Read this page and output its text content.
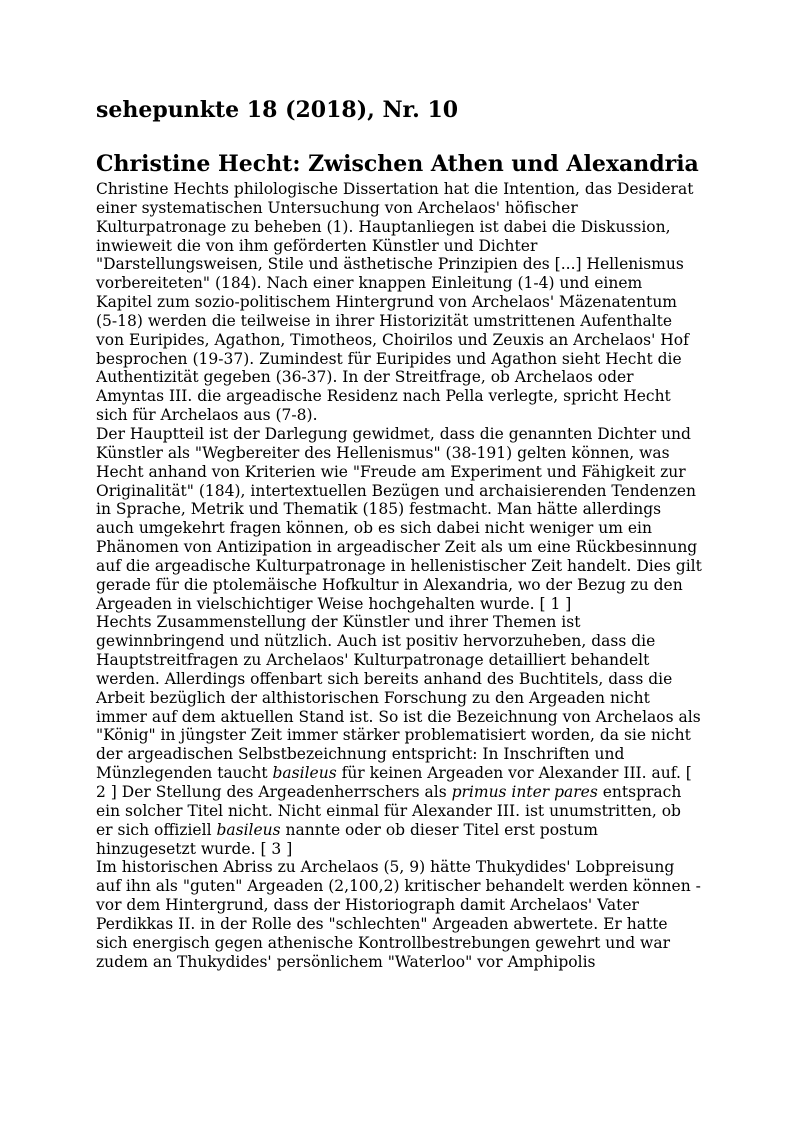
sehepunkte 18 (2018), Nr. 10
Christine Hecht: Zwischen Athen und Alexandria

Christine Hechts philologische Dissertation hat die Intention, das Desiderat einer systematischen Untersuchung von Archelaos' höfischer Kulturpatronage zu beheben (1). Hauptanliegen ist dabei die Diskussion, inwieweit die von ihm geförderten Künstler und Dichter "Darstellungsweisen, Stile und ästhetische Prinzipien des [...] Hellenismus vorbereiteten" (184). Nach einer knappen Einleitung (1-4) und einem Kapitel zum sozio-politischem Hintergrund von Archelaos' Mäzenatentum (5-18) werden die teilweise in ihrer Historizität umstrittenen Aufenthalte von Euripides, Agathon, Timotheos, Choirilos und Zeuxis an Archelaos' Hof besprochen (19-37). Zumindest für Euripides und Agathon sieht Hecht die Authentizität gegeben (36-37). In der Streitfrage, ob Archelaos oder Amyntas III. die argeadische Residenz nach Pella verlegte, spricht Hecht sich für Archelaos aus (7-8).

Der Hauptteil ist der Darlegung gewidmet, dass die genannten Dichter und Künstler als "Wegbereiter des Hellenismus" (38-191) gelten können, was Hecht anhand von Kriterien wie "Freude am Experiment und Fähigkeit zur Originalität" (184), intertextuellen Bezügen und archaisierenden Tendenzen in Sprache, Metrik und Thematik (185) festmacht. Man hätte allerdings auch umgekehrt fragen können, ob es sich dabei nicht weniger um ein Phänomen von Antizipation in argeadischer Zeit als um eine Rückbesinnung auf die argeadische Kulturpatronage in hellenistischer Zeit handelt. Dies gilt gerade für die ptolemäische Hofkultur in Alexandria, wo der Bezug zu den Argeaden in vielschichtiger Weise hochgehalten wurde. [ 1 ]

Hechts Zusammenstellung der Künstler und ihrer Themen ist gewinnbringend und nützlich. Auch ist positiv hervorzuheben, dass die Hauptstreitfragen zu Archelaos' Kulturpatronage detailliert behandelt werden. Allerdings offenbart sich bereits anhand des Buchtitels, dass die Arbeit bezüglich der althistorischen Forschung zu den Argeaden nicht immer auf dem aktuellen Stand ist. So ist die Bezeichnung von Archelaos als "König" in jüngster Zeit immer stärker problematisiert worden, da sie nicht der argeadischen Selbstbezeichnung entspricht: In Inschriften und Münzlegenden taucht basileus für keinen Argeaden vor Alexander III. auf. [ 2 ] Der Stellung des Argeadenherrschers als primus inter pares entsprach ein solcher Titel nicht. Nicht einmal für Alexander III. ist unumstritten, ob er sich offiziell basileus nannte oder ob dieser Titel erst postum hinzugesetzt wurde. [ 3 ]

Im historischen Abriss zu Archelaos (5, 9) hätte Thukydides' Lobpreisung auf ihn als "guten" Argeaden (2,100,2) kritischer behandelt werden können - vor dem Hintergrund, dass der Historiograph damit Archelaos' Vater Perdikkas II. in der Rolle des "schlechten" Argeaden abwertete. Er hatte sich energisch gegen athenische Kontrollbestrebungen gewehrt und war zudem an Thukydides' persönlichem "Waterloo" vor Amphipolis
